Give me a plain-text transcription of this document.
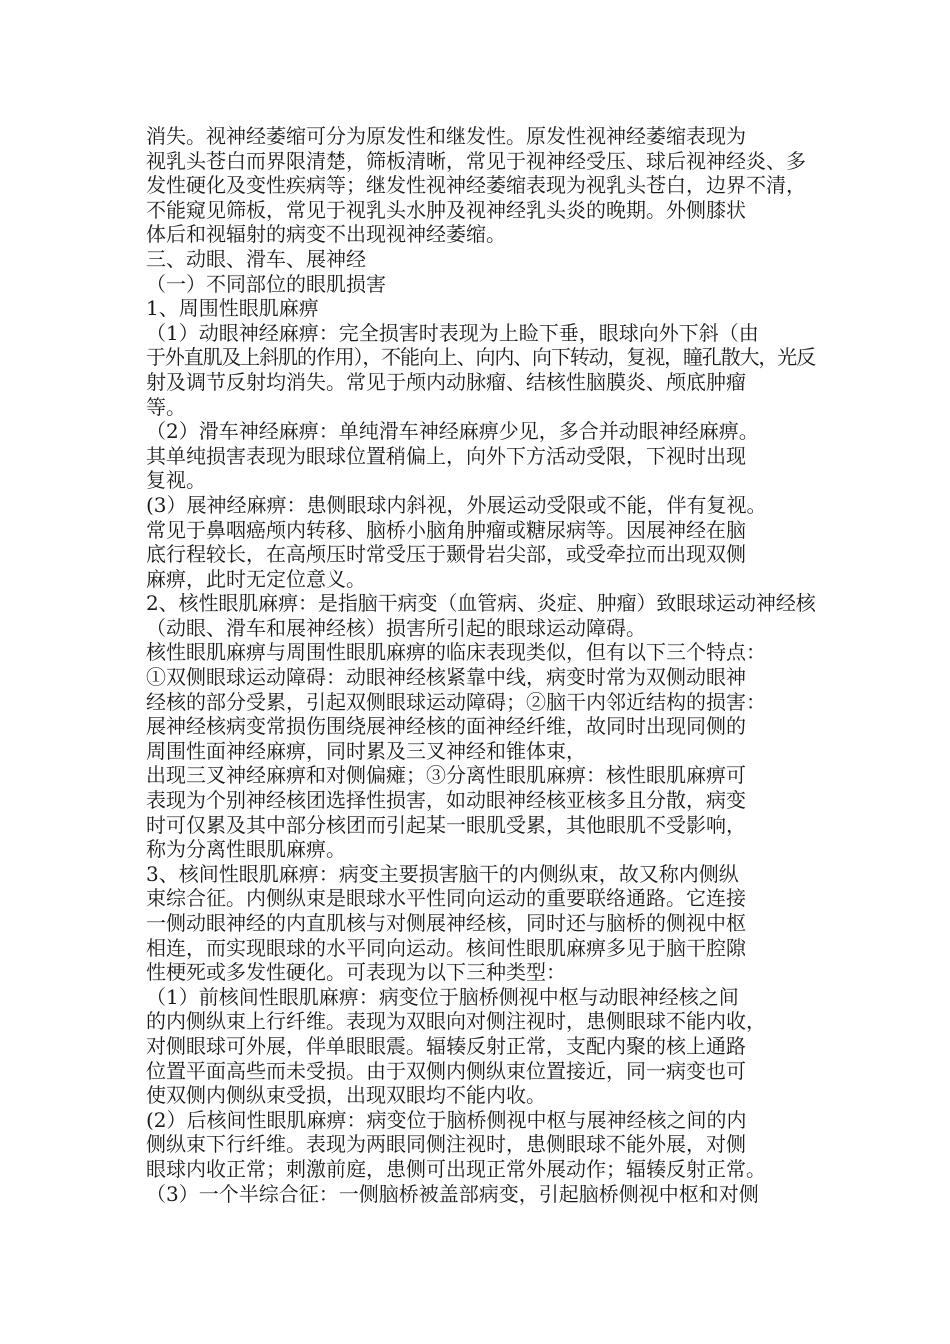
消失。视神经萎缩可分为原发性和继发性。原发性视神经萎缩表现为
视乳头苍白而界限清楚，筛板清晰，常见于视神经受压、球后视神经炎、多
发性硬化及变性疾病等；继发性视神经萎缩表现为视乳头苍白，边界不清，
不能窥见筛板，常见于视乳头水肿及视神经乳头炎的晚期。外侧膝状
体后和视辐射的病变不出现视神经萎缩。
三、动眼、滑车、展神经
（一）不同部位的眼肌损害
1、周围性眼肌麻痹
（1）动眼神经麻痹：完全损害时表现为上睑下垂，眼球向外下斜（由
于外直肌及上斜肌的作用），不能向上、向内、向下转动，复视，瞳孔散大，光反
射及调节反射均消失。常见于颅内动脉瘤、结核性脑膜炎、颅底肿瘤
等。
（2）滑车神经麻痹：单纯滑车神经麻痹少见，多合并动眼神经麻痹。
其单纯损害表现为眼球位置稍偏上，向外下方活动受限，下视时出现
复视。
(3）展神经麻痹：患侧眼球内斜视，外展运动受限或不能，伴有复视。
常见于鼻咽癌颅内转移、脑桥小脑角肿瘤或糖尿病等。因展神经在脑
底行程较长，在高颅压时常受压于颞骨岩尖部，或受牵拉而出现双侧
麻痹，此时无定位意义。
2、核性眼肌麻痹：是指脑干病变（血管病、炎症、肿瘤）致眼球运动神经核
（动眼、滑车和展神经核）损害所引起的眼球运动障碍。
核性眼肌麻痹与周围性眼肌麻痹的临床表现类似，但有以下三个特点：
①双侧眼球运动障碍：动眼神经核紧靠中线，病变时常为双侧动眼神
经核的部分受累，引起双侧眼球运动障碍；②脑干内邻近结构的损害：
展神经核病变常损伤围绕展神经核的面神经纤维，故同时出现同侧的
周围性面神经麻痹，同时累及三叉神经和锥体束，
出现三叉神经麻痹和对侧偏瘫；③分离性眼肌麻痹：核性眼肌麻痹可
表现为个别神经核团选择性损害，如动眼神经核亚核多且分散，病变
时可仅累及其中部分核团而引起某一眼肌受累，其他眼肌不受影响，
称为分离性眼肌麻痹。
3、核间性眼肌麻痹：病变主要损害脑干的内侧纵束，故又称内侧纵
束综合征。内侧纵束是眼球水平性同向运动的重要联络通路。它连接
一侧动眼神经的内直肌核与对侧展神经核，同时还与脑桥的侧视中枢
相连，而实现眼球的水平同向运动。核间性眼肌麻痹多见于脑干腔隙
性梗死或多发性硬化。可表现为以下三种类型：
（1）前核间性眼肌麻痹：病变位于脑桥侧视中枢与动眼神经核之间
的内侧纵束上行纤维。表现为双眼向对侧注视时，患侧眼球不能内收，
对侧眼球可外展，伴单眼眼震。辐辏反射正常，支配内聚的核上通路
位置平面高些而未受损。由于双侧内侧纵束位置接近，同一病变也可
使双侧内侧纵束受损，出现双眼均不能内收。
(2）后核间性眼肌麻痹：病变位于脑桥侧视中枢与展神经核之间的内
侧纵束下行纤维。表现为两眼同侧注视时，患侧眼球不能外展，对侧
眼球内收正常；刺激前庭，患侧可出现正常外展动作；辐辏反射正常。
（3）一个半综合征：一侧脑桥被盖部病变，引起脑桥侧视中枢和对侧
